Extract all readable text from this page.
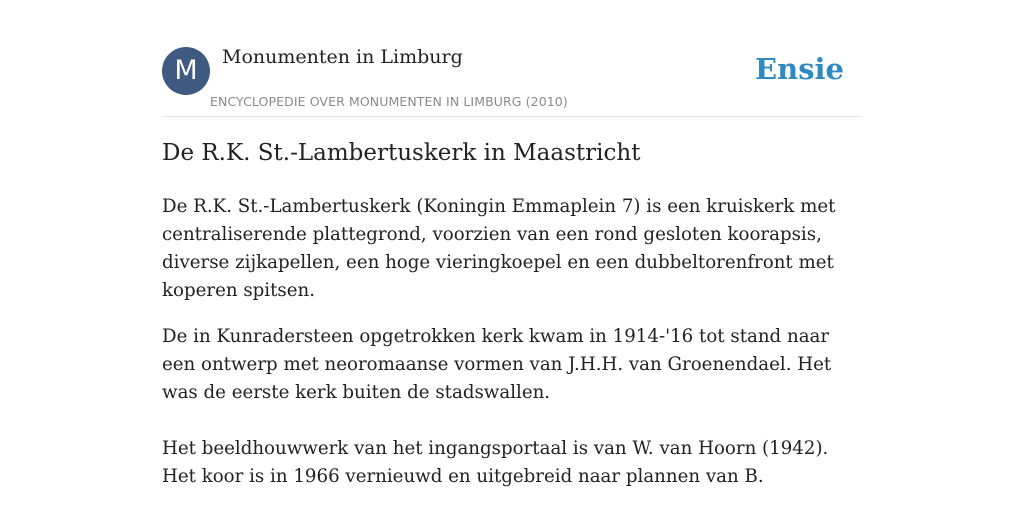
M	Monumenten in Limburg
ENCYCLOPEDIE OVER MONUMENTEN IN LIMBURG (2010)
Ensie
De R.K. St.-Lambertuskerk in Maastricht

De R.K. St.-Lambertuskerk (Koningin Emmaplein 7) is een kruiskerk met centraliserende plattegrond, voorzien van een rond gesloten koorapsis, diverse zijkapellen, een hoge vieringkoepel en een dubbeltorenfront met koperen spitsen.

De in Kunradersteen opgetrokken kerk kwam in 1914-'16 tot stand naar een ontwerp met neoromaanse vormen van J.H.H. van Groenendael. Het was de eerste kerk buiten de stadswallen.

Het beeldhouwwerk van het ingangsportaal is van W. van Hoorn (1942). Het koor is in 1966 vernieuwd en uitgebreid naar plannen van B.
